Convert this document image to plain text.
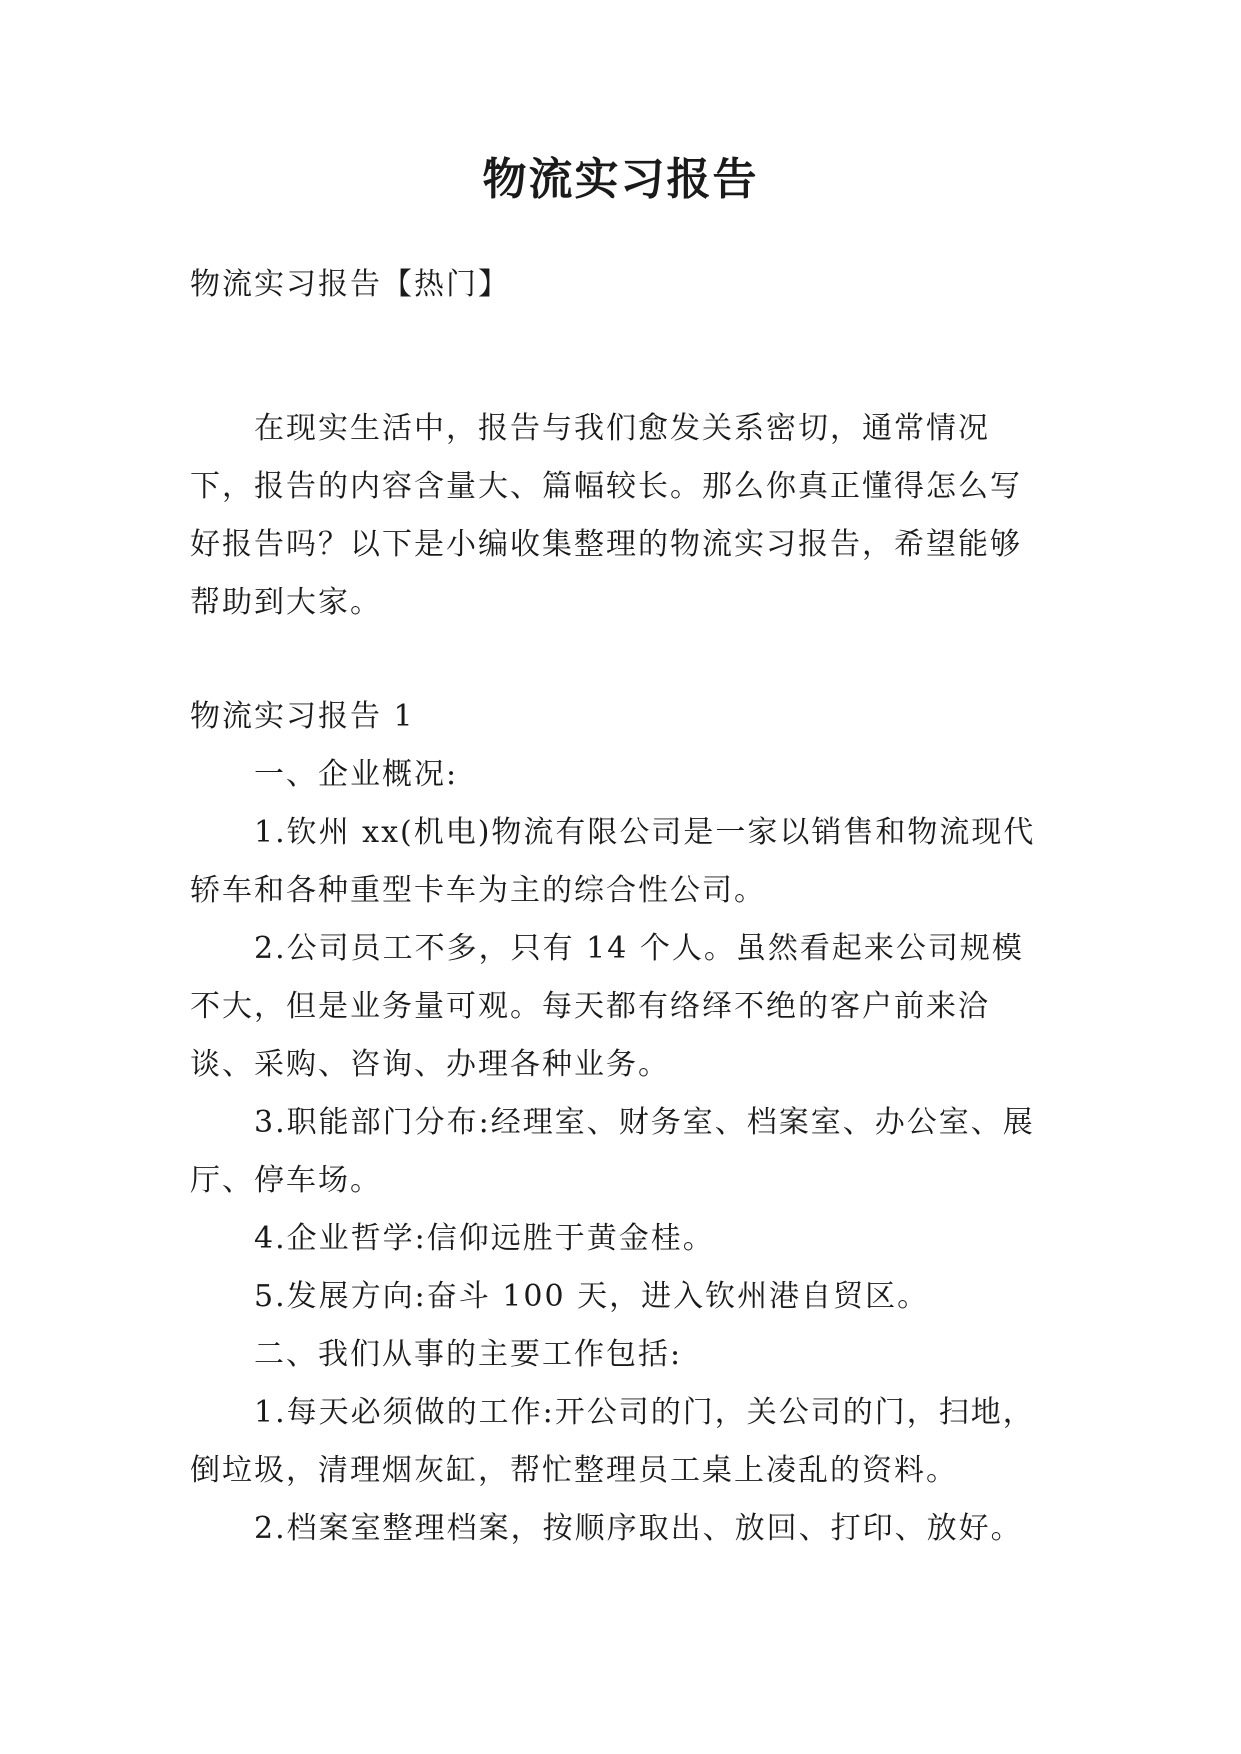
物流实习报告
物流实习报告【热门】

在现实生活中，报告与我们愈发关系密切，通常情况下，报告的内容含量大、篇幅较长。那么你真正懂得怎么写好报告吗？以下是小编收集整理的物流实习报告，希望能够帮助到大家。

物流实习报告 1

一、企业概况:

1.钦州 xx(机电)物流有限公司是一家以销售和物流现代轿车和各种重型卡车为主的综合性公司。

2.公司员工不多，只有 14 个人。虽然看起来公司规模不大，但是业务量可观。每天都有络绎不绝的客户前来洽谈、采购、咨询、办理各种业务。

3.职能部门分布:经理室、财务室、档案室、办公室、展厅、停车场。

4.企业哲学:信仰远胜于黄金桂。

5.发展方向:奋斗 100 天，进入钦州港自贸区。

二、我们从事的主要工作包括:

1.每天必须做的工作:开公司的门，关公司的门，扫地，倒垃圾，清理烟灰缸，帮忙整理员工桌上凌乱的资料。

2.档案室整理档案，按顺序取出、放回、打印、放好。
